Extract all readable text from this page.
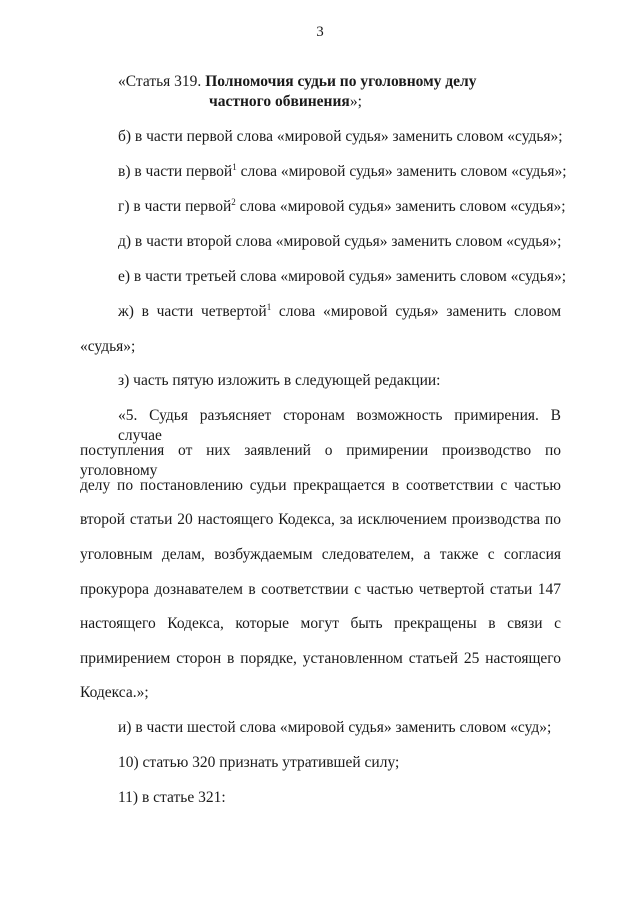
3
«Статья 319. Полномочия судьи по уголовному делу
частного обвинения»;
б) в части первой слова «мировой судья» заменить словом «судья»;
в) в части первой$^1$ слова «мировой судья» заменить словом «судья»;
г) в части первой$^2$ слова «мировой судья» заменить словом «судья»;
д) в части второй слова «мировой судья» заменить словом «судья»;
е) в части третьей слова «мировой судья» заменить словом «судья»;
ж) в части четвертой$^1$ слова «мировой судья» заменить словом
«судья»;
з) часть пятую изложить в следующей редакции:
«5. Судья разъясняет сторонам возможность примирения. В случае
поступления от них заявлений о примирении производство по уголовному
делу по постановлению судьи прекращается в соответствии с частью
второй статьи 20 настоящего Кодекса, за исключением производства по
уголовным делам, возбуждаемым следователем, а также с согласия
прокурора дознавателем в соответствии с частью четвертой статьи 147
настоящего Кодекса, которые могут быть прекращены в связи с
примирением сторон в порядке, установленном статьей 25 настоящего
Кодекса.»;
и) в части шестой слова «мировой судья» заменить словом «суд»;
10) статью 320 признать утратившей силу;
11) в статье 321:
